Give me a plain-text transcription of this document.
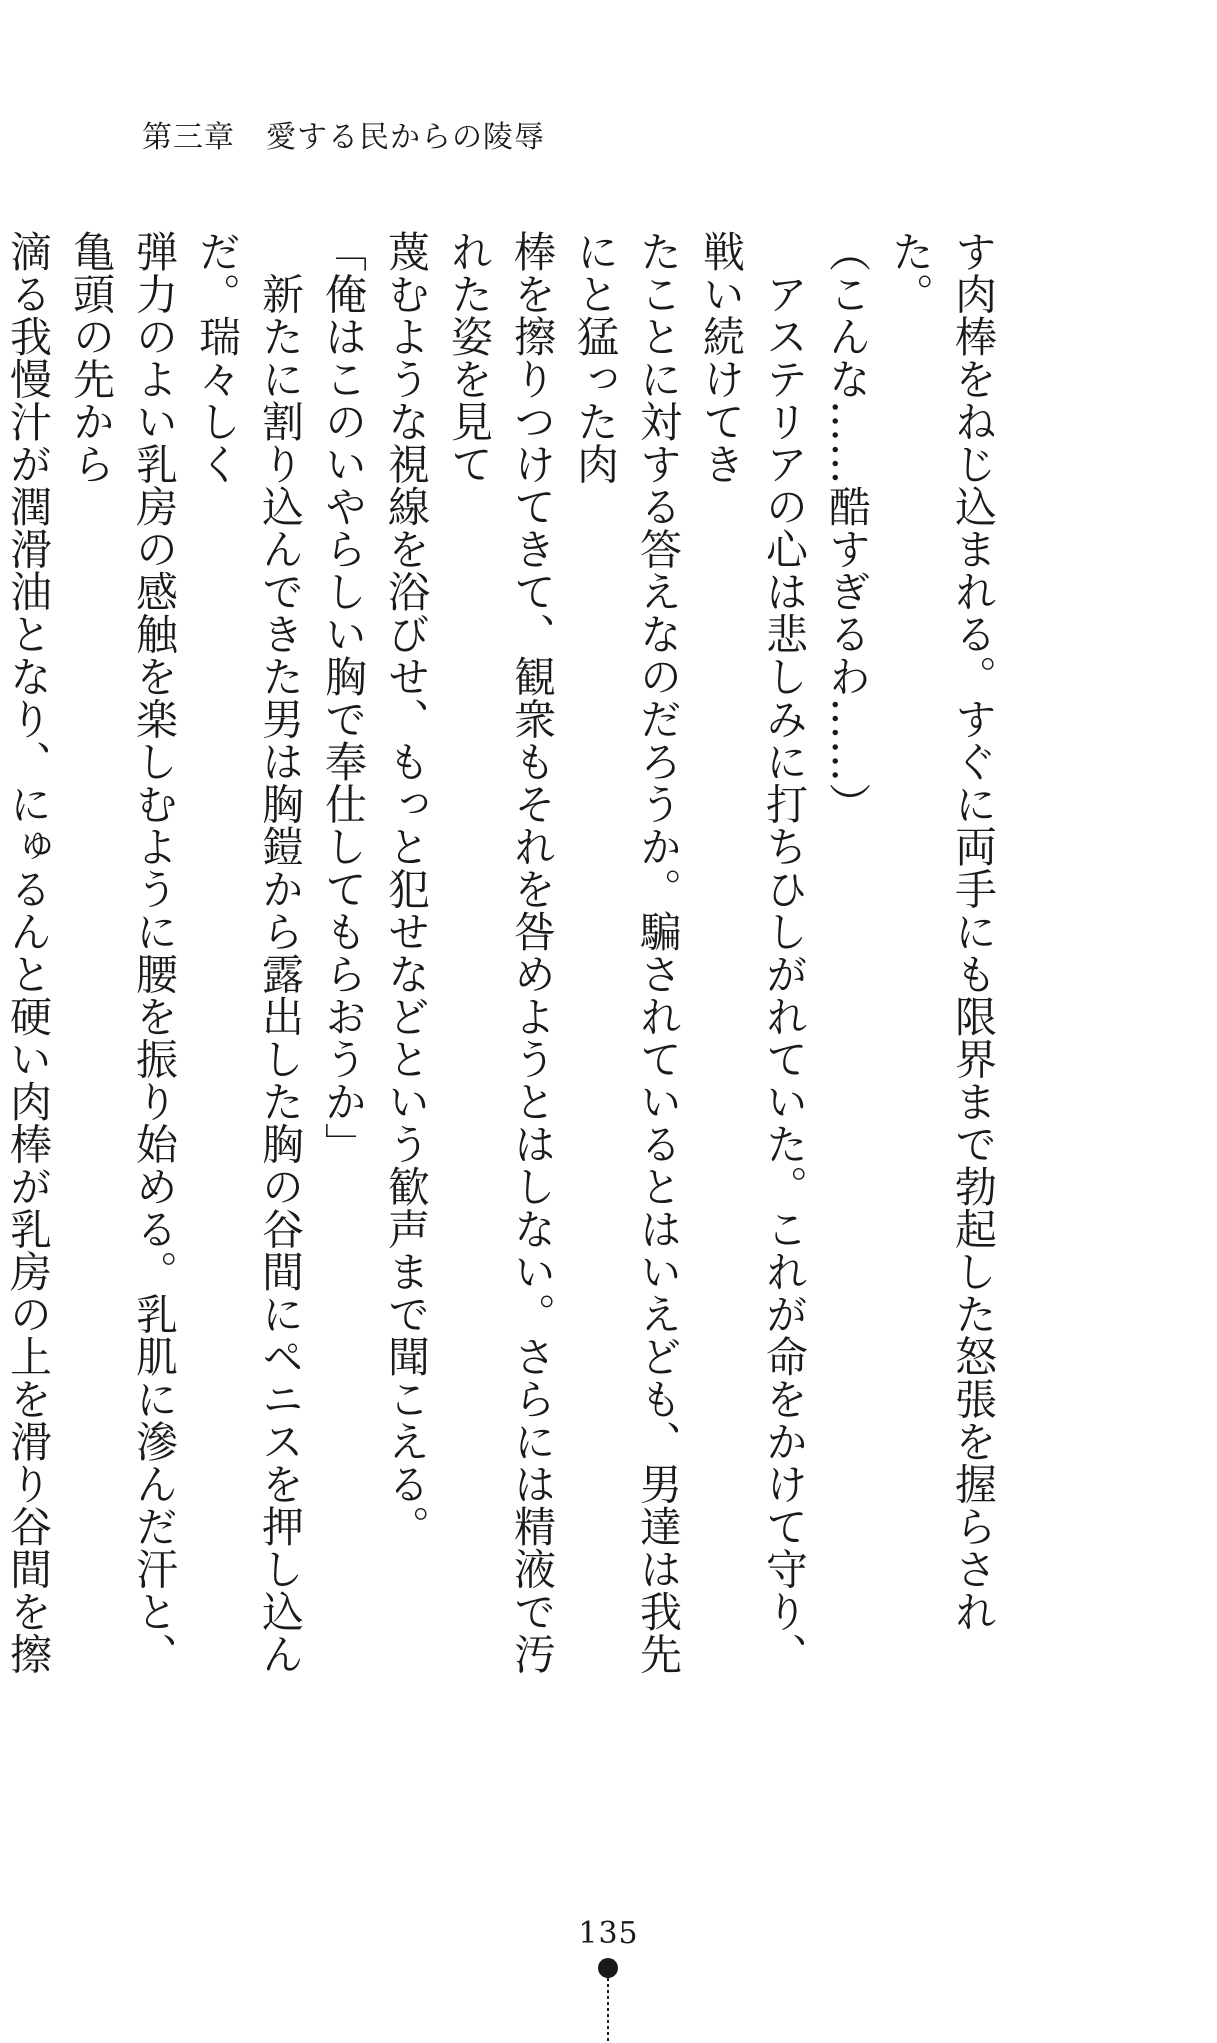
第三章　愛する民からの陵辱

す肉棒をねじ込まれる。すぐに両手にも限界まで勃起した怒張を握らされた。

（こんな……酷すぎるわ……）

　アステリアの心は悲しみに打ちひしがれていた。これが命をかけて守り、戦い続けてき

たことに対する答えなのだろうか。騙されているとはいえども、男達は我先にと猛った肉

棒を擦りつけてきて、観衆もそれを咎めようとはしない。さらには精液で汚れた姿を見て

蔑むような視線を浴びせ、もっと犯せなどという歓声まで聞こえる。

「俺はこのいやらしい胸で奉仕してもらおうか」

　新たに割り込んできた男は胸鎧から露出した胸の谷間にペニスを押し込んだ。瑞々しく

弾力のよい乳房の感触を楽しむように腰を振り始める。乳肌に滲んだ汗と、亀頭の先から

滴る我慢汁が潤滑油となり、にゅるんと硬い肉棒が乳房の上を滑り谷間を擦

135
